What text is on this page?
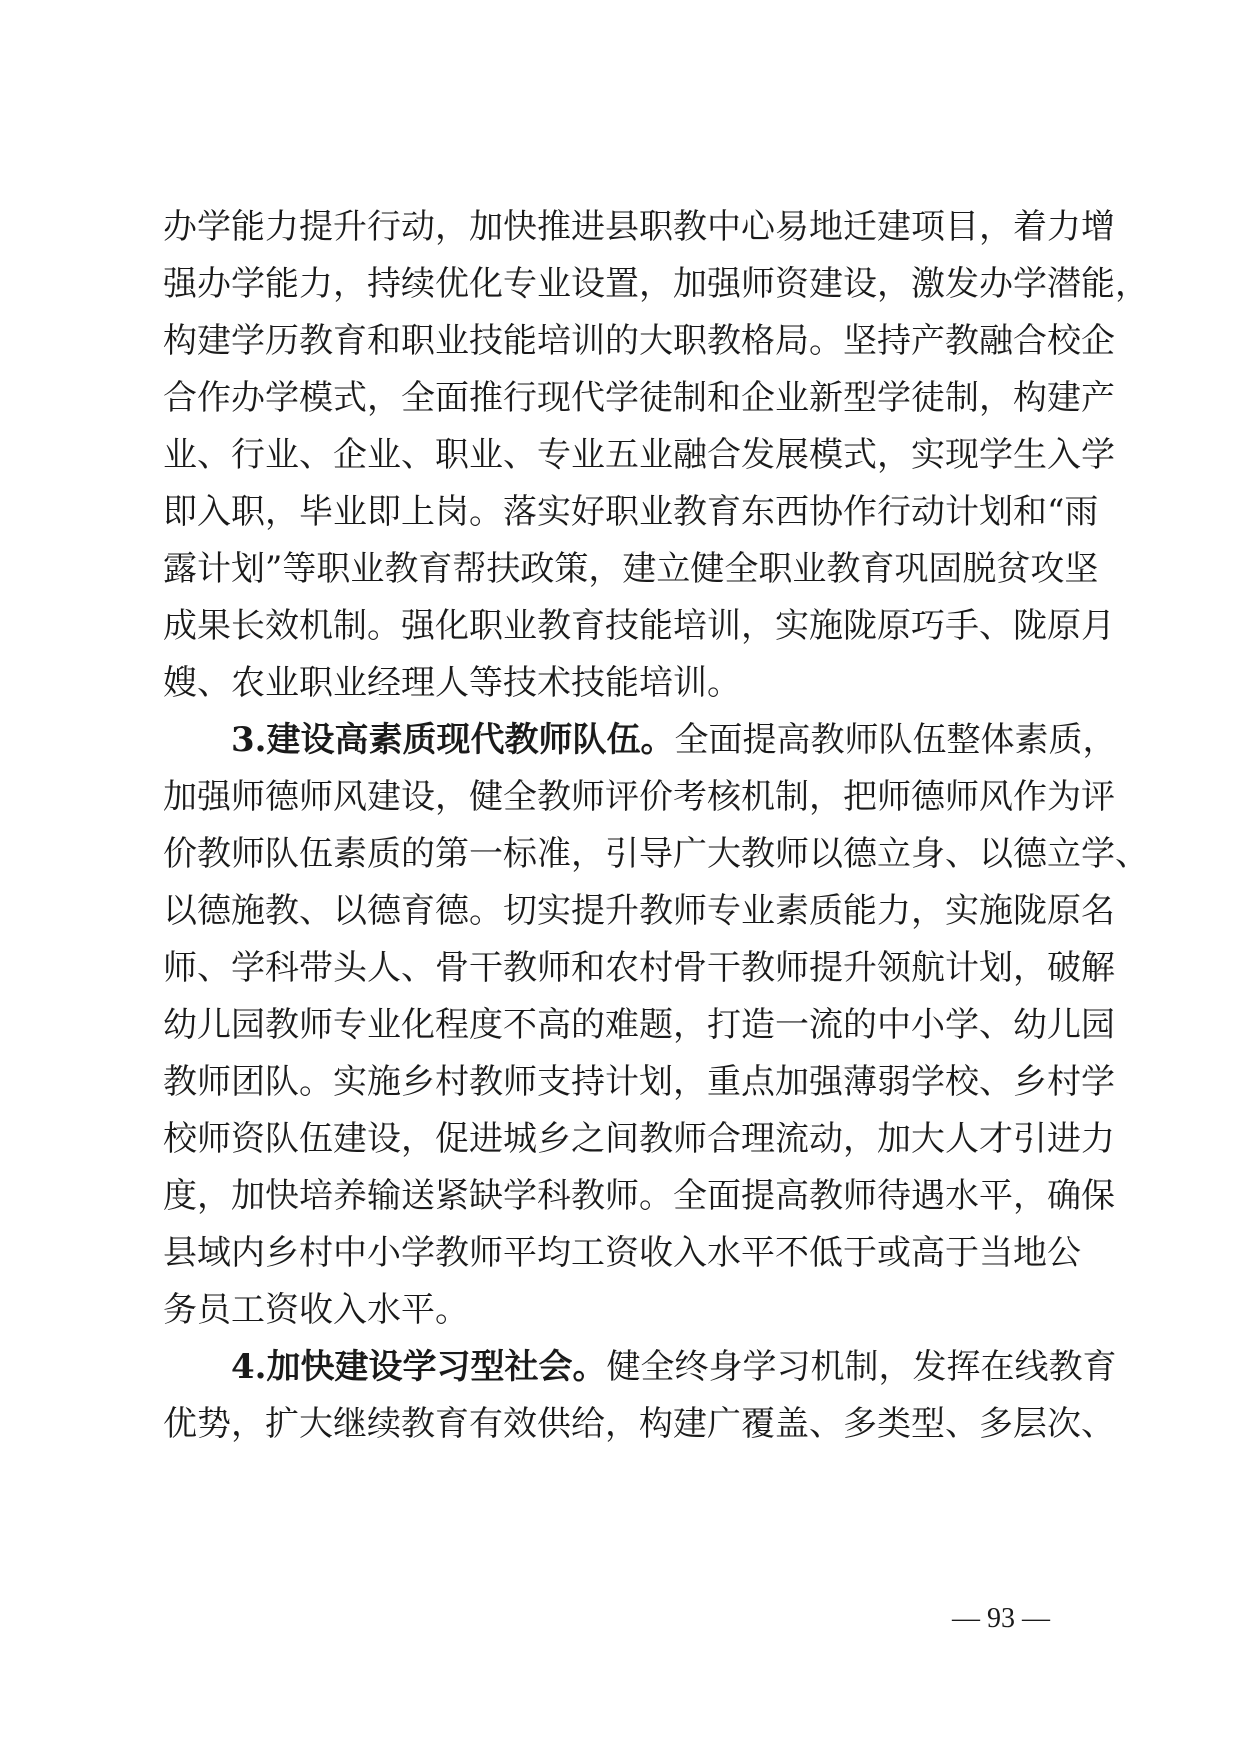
办学能力提升行动，加快推进县职教中心易地迁建项目，着力增
强办学能力，持续优化专业设置，加强师资建设，激发办学潜能，
构建学历教育和职业技能培训的大职教格局。坚持产教融合校企
合作办学模式，全面推行现代学徒制和企业新型学徒制，构建产
业、行业、企业、职业、专业五业融合发展模式，实现学生入学
即入职，毕业即上岗。落实好职业教育东西协作行动计划和“雨
露计划”等职业教育帮扶政策，建立健全职业教育巩固脱贫攻坚
成果长效机制。强化职业教育技能培训，实施陇原巧手、陇原月
嫂、农业职业经理人等技术技能培训。
3.建设高素质现代教师队伍。全面提高教师队伍整体素质，
加强师德师风建设，健全教师评价考核机制，把师德师风作为评
价教师队伍素质的第一标准，引导广大教师以德立身、以德立学、
以德施教、以德育德。切实提升教师专业素质能力，实施陇原名
师、学科带头人、骨干教师和农村骨干教师提升领航计划，破解
幼儿园教师专业化程度不高的难题，打造一流的中小学、幼儿园
教师团队。实施乡村教师支持计划，重点加强薄弱学校、乡村学
校师资队伍建设，促进城乡之间教师合理流动，加大人才引进力
度，加快培养输送紧缺学科教师。全面提高教师待遇水平，确保
县域内乡村中小学教师平均工资收入水平不低于或高于当地公
务员工资收入水平。
4.加快建设学习型社会。健全终身学习机制，发挥在线教育
优势，扩大继续教育有效供给，构建广覆盖、多类型、多层次、
— 93 —
